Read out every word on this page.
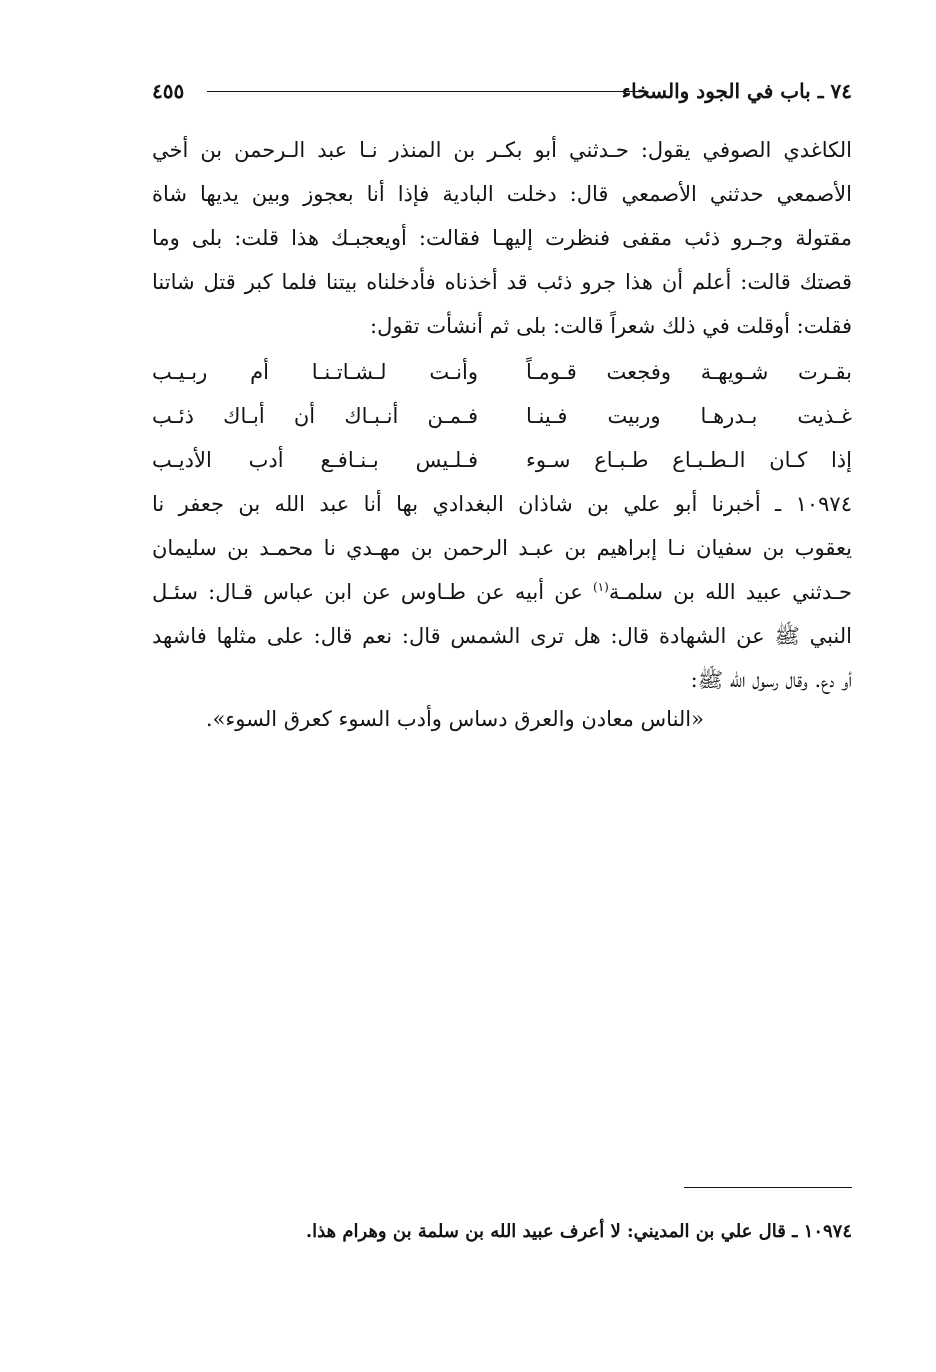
٧٤ ـ باب في الجود والسخاء
٤٥٥
الكاغدي الصوفي يقول: حـدثني أبو بكـر بن المنذر نـا عبد الـرحمن بن أخي
الأصمعي حدثني الأصمعي قال: دخلت البادية فإذا أنا بعجوز وبين يديها شاة
مقتولة وجـرو ذئب مقفى فنظرت إليهـا فقالت: أويعجبـك هذا قلت: بلى وما
قصتك قالت: أعلم أن هذا جرو ذئب قد أخذناه فأدخلناه بيتنا فلما كبر قتل شاتنا
فقلت: أوقلت في ذلك شعراً قالت: بلى ثم أنشأت تقول:
بقـرت شـويهـة وفجعت قـومـاً
وأنـت لـشـاتـنـا أم ربـيـب
غـذيت بـدرهـا وربيت فـينـا
فـمـن أنـبـاك أن أبـاك ذئـب
إذا كـان الـطـبـاع طـبـاع سـوء
فـلـيس بـنـافـع أدب الأديـب
١٠٩٧٤ ـ أخبرنا أبو علي بن شاذان البغدادي بها أنا عبد الله بن جعفر نا
يعقوب بن سفيان نـا إبراهيم بن عبـد الرحمن بن مهـدي نا محمـد بن سليمان
حـدثني عبيد الله بن سلمـة$^{(١)}$ عن أبيه عن طـاوس عن ابن عباس قـال: سئـل
النبي ﷺ عن الشهادة قال: هل ترى الشمس قال: نعم قال: على مثلها فاشهد
أو دع. وقال رسول الله ﷺ:
«الناس معادن والعرق دساس وأدب السوء كعرق السوء».
١٠٩٧٤ ـ قال علي بن المديني: لا أعرف عبيد الله بن سلمة بن وهرام هذا.
